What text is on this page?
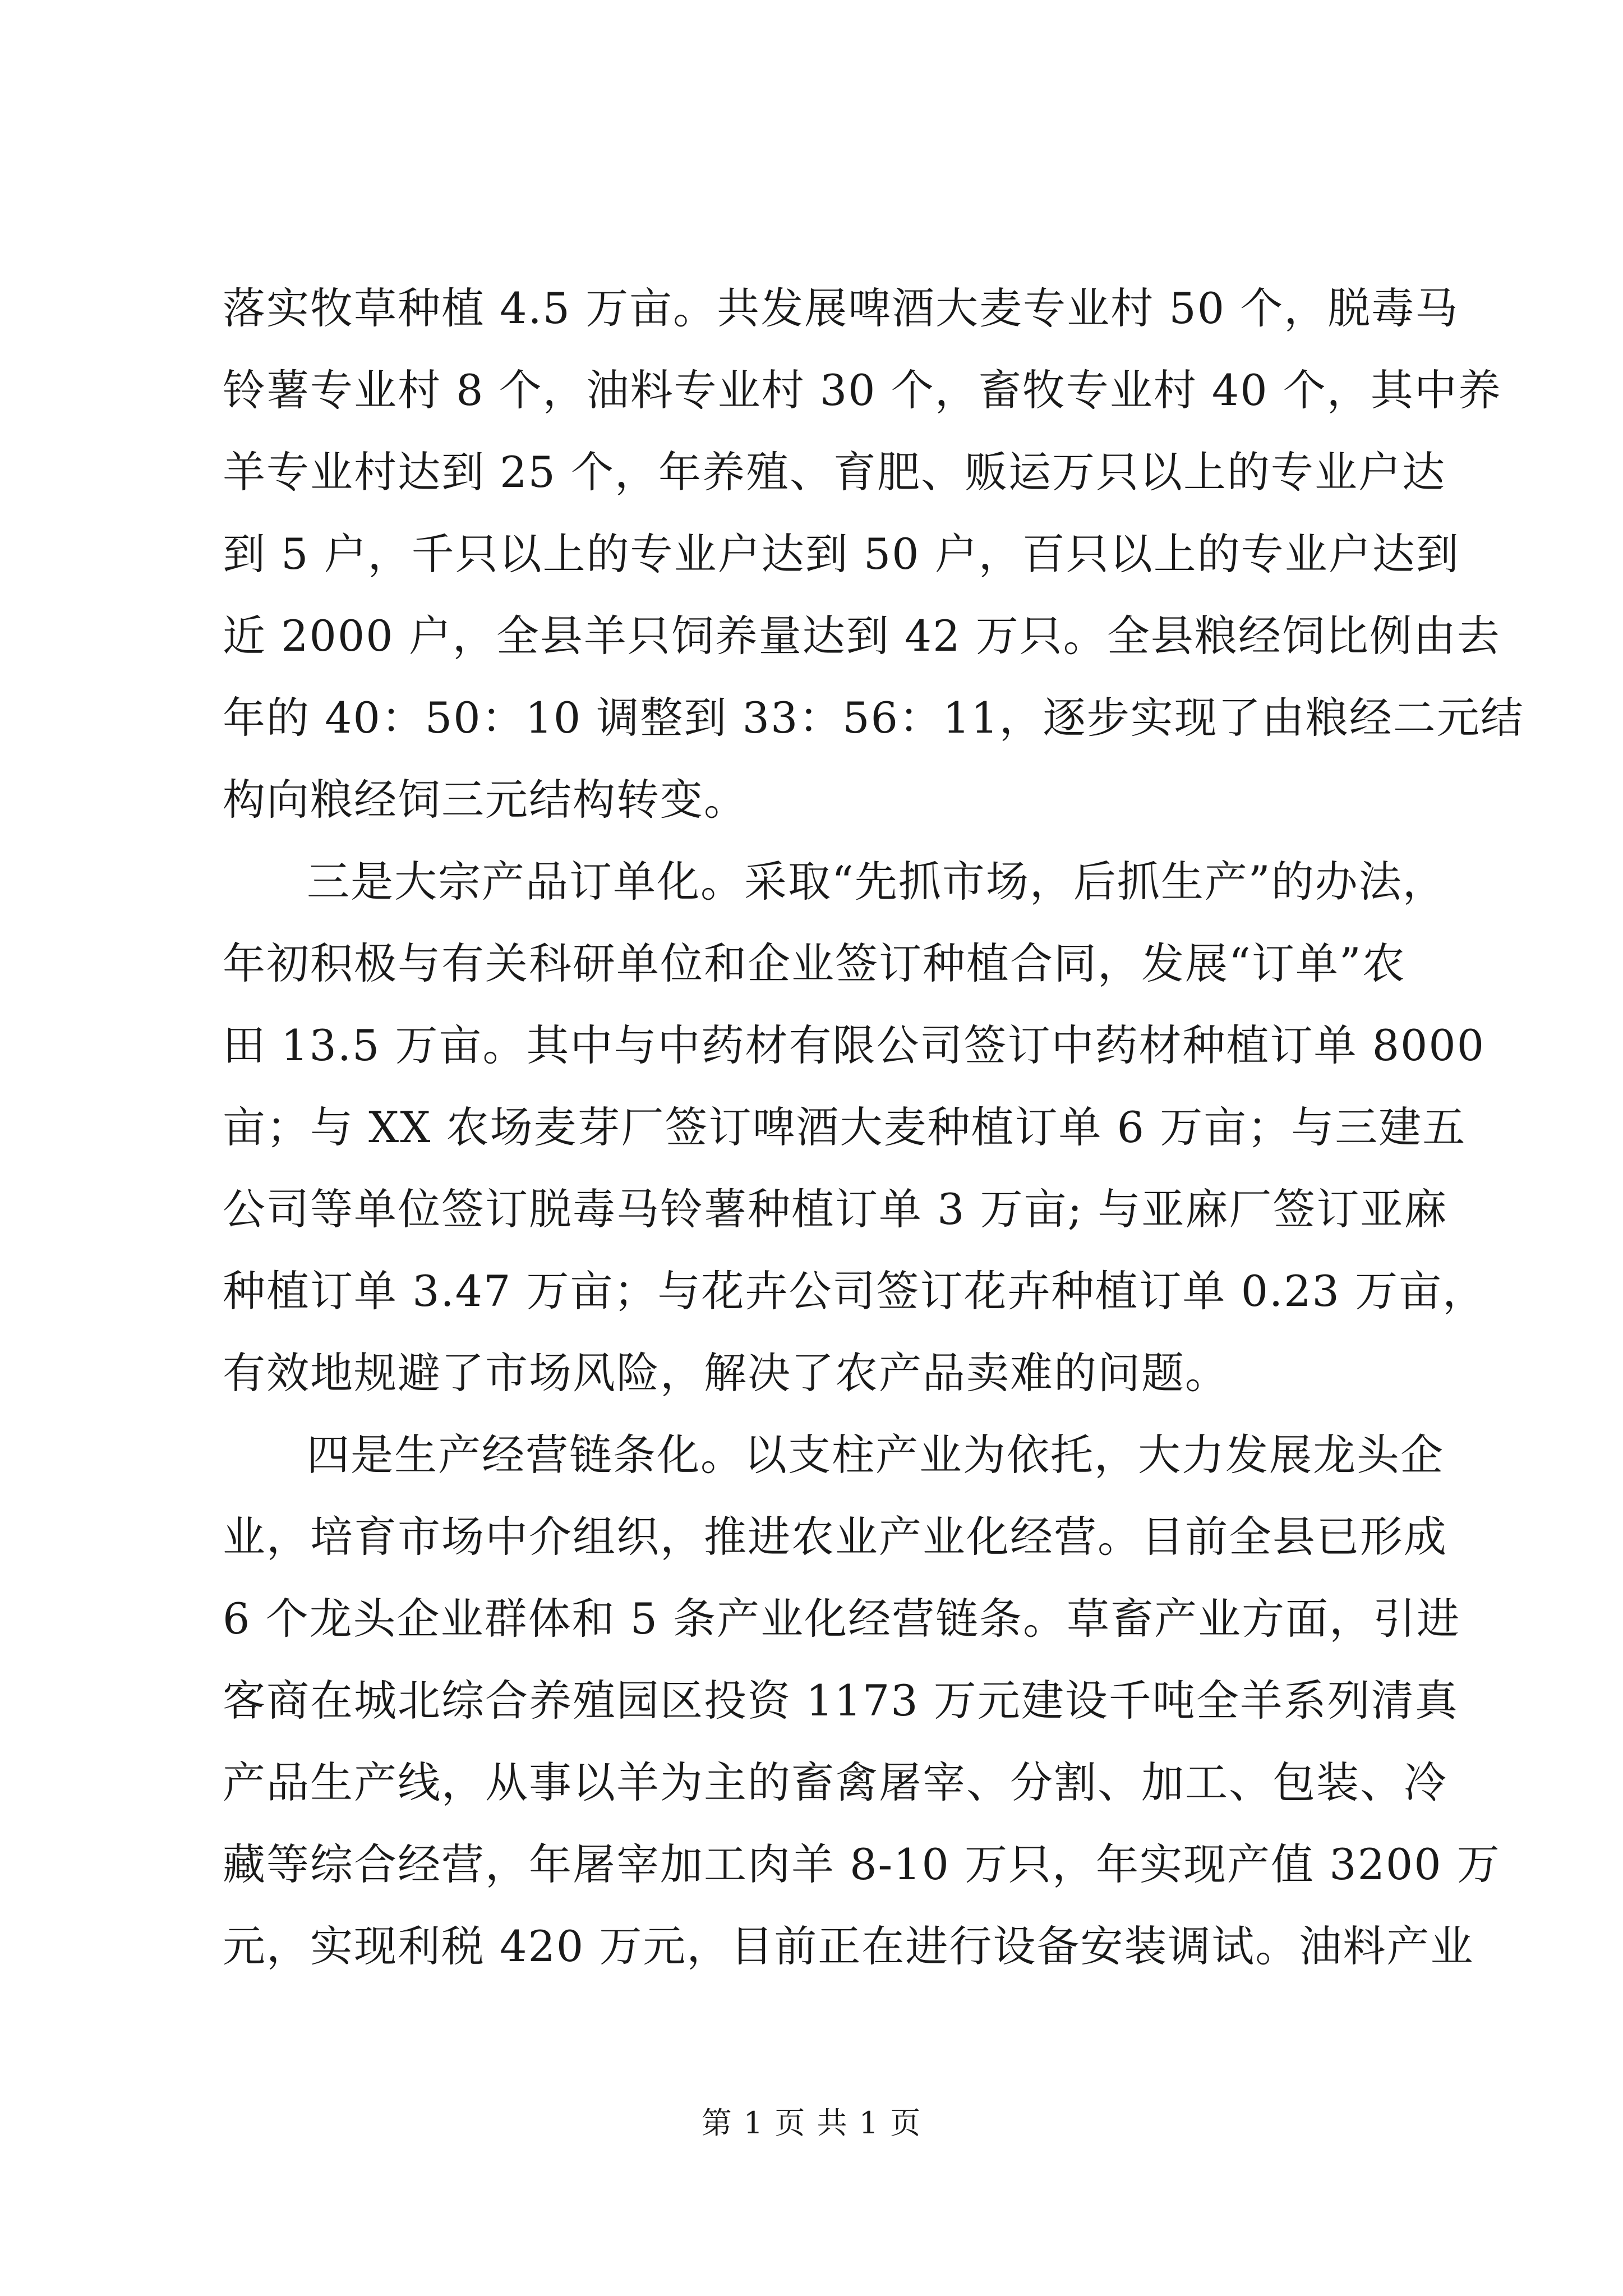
落实牧草种植 4.5 万亩。共发展啤酒大麦专业村 50 个，脱毒马
铃薯专业村 8 个，油料专业村 30 个，畜牧专业村 40 个，其中养
羊专业村达到 25 个，年养殖、育肥、贩运万只以上的专业户达
到 5 户，千只以上的专业户达到 50 户，百只以上的专业户达到
近 2000 户，全县羊只饲养量达到 42 万只。全县粮经饲比例由去
年的 40：50：10 调整到 33：56：11，逐步实现了由粮经二元结
构向粮经饲三元结构转变。
三是大宗产品订单化。采取“先抓市场，后抓生产”的办法，
年初积极与有关科研单位和企业签订种植合同，发展“订单”农
田 13.5 万亩。其中与中药材有限公司签订中药材种植订单 8000
亩；与 XX 农场麦芽厂签订啤酒大麦种植订单 6 万亩；与三建五
公司等单位签订脱毒马铃薯种植订单 3 万亩; 与亚麻厂签订亚麻
种植订单 3.47 万亩；与花卉公司签订花卉种植订单 0.23 万亩，
有效地规避了市场风险，解决了农产品卖难的问题。
四是生产经营链条化。以支柱产业为依托，大力发展龙头企
业，培育市场中介组织，推进农业产业化经营。目前全县已形成
6 个龙头企业群体和 5 条产业化经营链条。草畜产业方面，引进
客商在城北综合养殖园区投资 1173 万元建设千吨全羊系列清真
产品生产线，从事以羊为主的畜禽屠宰、分割、加工、包装、冷
藏等综合经营，年屠宰加工肉羊 8-10 万只，年实现产值 3200 万
元，实现利税 420 万元，目前正在进行设备安装调试。油料产业
第 1 页 共 1 页
